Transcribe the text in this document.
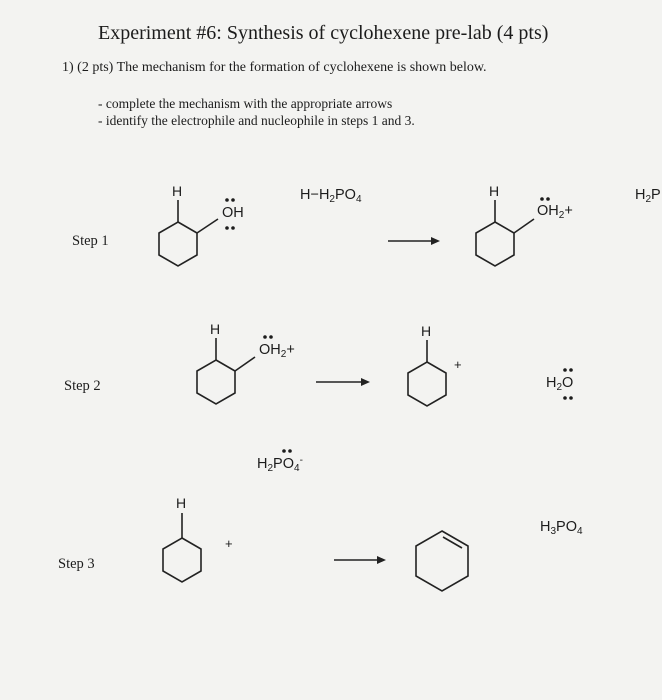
Experiment #6: Synthesis of cyclohexene pre-lab (4 pts)
1) (2 pts) The mechanism for the formation of cyclohexene is shown below.
- complete the mechanism with the appropriate arrows
- identify the electrophile and nucleophile in steps 1 and 3.
Step 1
Step 2
Step 3
H	H
H	H
+
H
+
OH
$H-H_2PO_4$
$OH_2+$
$H_2P$
$OH_2+$
$H_2O$
$H_2PO_4^-$
$H_3PO_4$
